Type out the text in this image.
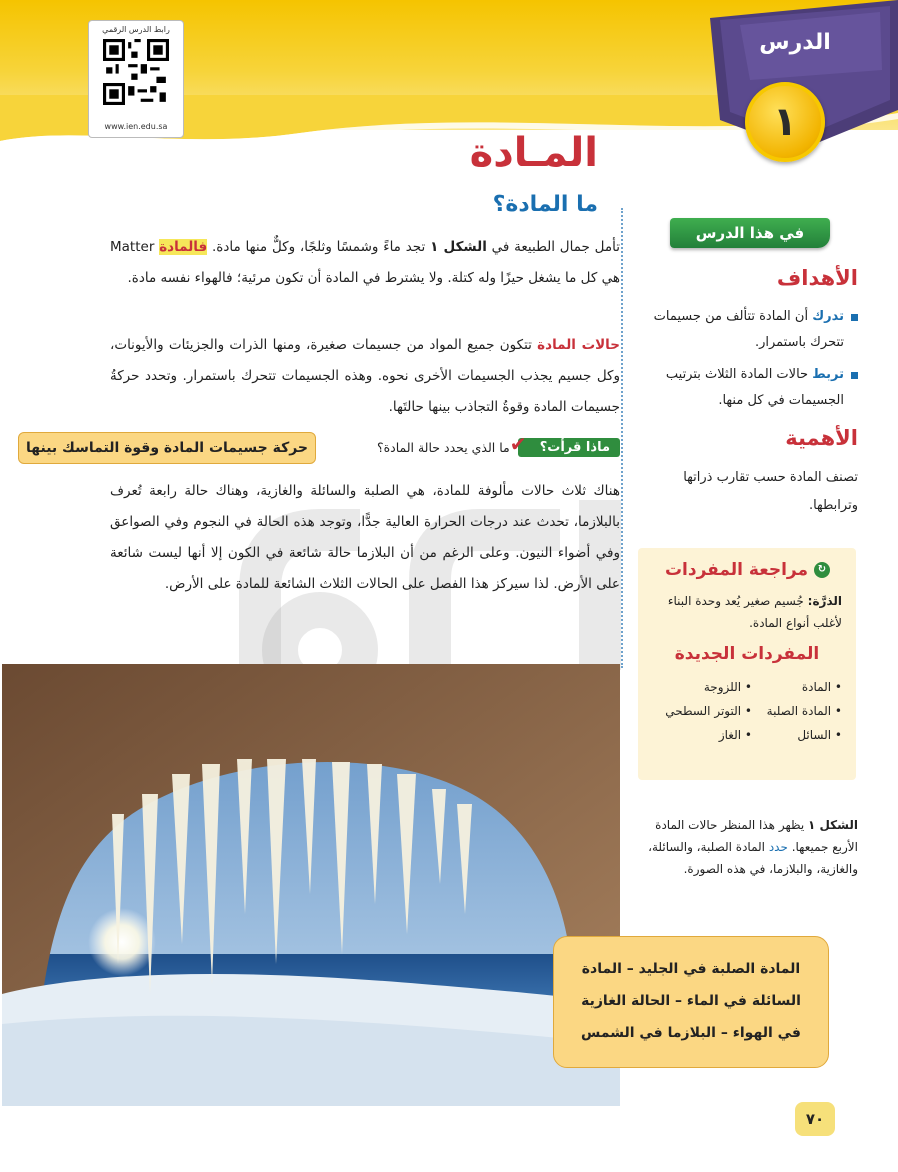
الدرس
١
رابط الدرس الرقمي
www.ien.edu.sa
المـادة
ما المادة؟
تأمل جمال الطبيعة في الشكل ١ تجد ماءً وشمسًا وثلجًا، وكلٌّ منها مادة. فالمادة Matter هي كل ما يشغل حيزًا وله كتلة. ولا يشترط في المادة أن تكون مرئية؛ فالهواء نفسه مادة.
حالات المادة تتكون جميع المواد من جسيمات صغيرة، ومنها الذرات والجزيئات والأيونات، وكل جسيم يجذب الجسيمات الأخرى نحوه. وهذه الجسيمات تتحرك باستمرار. وتحدد حركةُ جسيمات المادة وقوةُ التجاذب بينها حالتَها.
✔ ماذا قرأت؟
ما الذي يحدد حالة المادة؟
حركة جسيمات المادة وقوة التماسك بينها
هناك ثلاث حالات مألوفة للمادة، هي الصلبة والسائلة والغازية، وهناك حالة رابعة تُعرف بالبلازما، تحدث عند درجات الحرارة العالية جدًّا، وتوجد هذه الحالة في النجوم وفي الصواعق وفي أضواء النيون. وعلى الرغم من أن البلازما حالة شائعة في الكون إلا أنها ليست شائعة على الأرض. لذا سيركز هذا الفصل على الحالات الثلاث الشائعة للمادة على الأرض.
في هذا الدرس
الأهداف
تدرك أن المادة تتألف من جسيمات تتحرك باستمرار.
تربط حالات المادة الثلاث بترتيب الجسيمات في كل منها.
الأهمية
تصنف المادة حسب تقارب ذراتها وترابطها.
↻
مراجعة المفردات
الذرَّة: جُسيم صغير يُعد وحدة البناء لأغلب أنواع المادة.
المفردات الجديدة
• المادة
• اللزوجة
• المادة الصلبة
• التوتر السطحي
• السائل
• الغاز
الشكل ١ يظهر هذا المنظر حالات المادة الأربع جميعها. حدد المادة الصلبة، والسائلة، والغازية، والبلازما، في هذه الصورة.
المادة الصلبة في الجليد – المادة السائلة في الماء – الحالة الغازية في الهواء – البلازما في الشمس
٧٠
